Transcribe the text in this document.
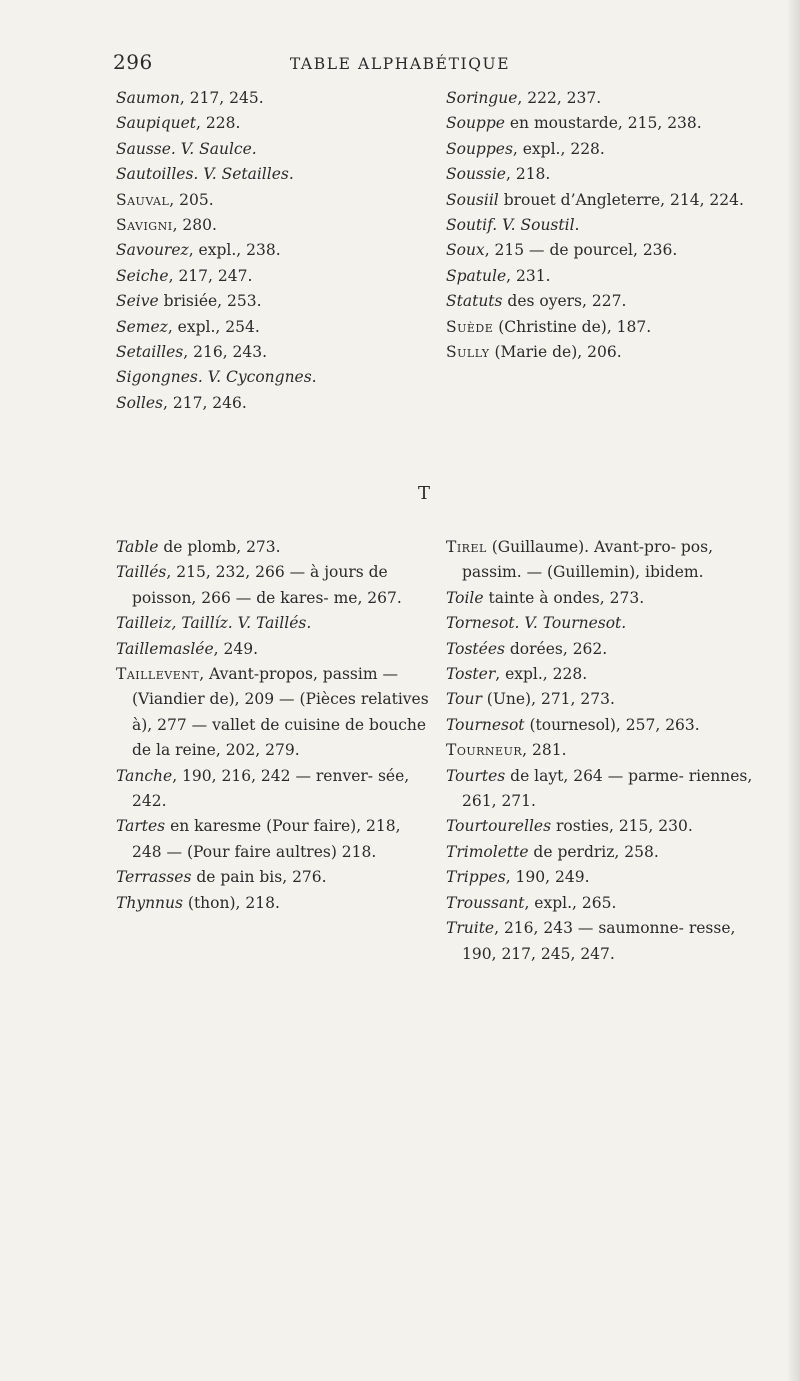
296	TABLE ALPHABÉTIQUE
Saumon, 217, 245.
Saupiquet, 228.
Sausse. V. Saulce.
Sautoilles. V. Setailles.
Sauval, 205.
Savigni, 280.
Savourez, expl., 238.
Seiche, 217, 247.
Seive brisiée, 253.
Semez, expl., 254.
Setailles, 216, 243.
Sigongnes. V. Cycongnes.
Solles, 217, 246.
Soringue, 222, 237.
Souppe en moustarde, 215, 238.
Souppes, expl., 228.
Soussie, 218.
Sousiil brouet d’Angleterre, 214, 224.
Soutif. V. Soustil.
Soux, 215 — de pourcel, 236.
Spatule, 231.
Statuts des oyers, 227.
Suède (Christine de), 187.
Sully (Marie de), 206.
T
Table de plomb, 273.
Taillés, 215, 232, 266 — à jours de poisson, 266 — de kares- me, 267.
Tailleiz, Taillíz. V. Taillés.
Taillemaslée, 249.
Taillevent, Avant-propos, passim — (Viandier de), 209 — (Pièces relatives à), 277 — vallet de cuisine de bouche de la reine, 202, 279.
Tanche, 190, 216, 242 — renver- sée, 242.
Tartes en karesme (Pour faire), 218, 248 — (Pour faire aultres) 218.
Terrasses de pain bis, 276.
Thynnus (thon), 218.
Tirel (Guillaume). Avant-pro- pos, passim. — (Guillemin), ibidem.
Toile tainte à ondes, 273.
Tornesot. V. Tournesot.
Tostées dorées, 262.
Toster, expl., 228.
Tour (Une), 271, 273.
Tournesot (tournesol), 257, 263.
Tourneur, 281.
Tourtes de layt, 264 — parme- riennes, 261, 271.
Tourtourelles rosties, 215, 230.
Trimolette de perdriz, 258.
Trippes, 190, 249.
Troussant, expl., 265.
Truite, 216, 243 — saumonne- resse, 190, 217, 245, 247.
